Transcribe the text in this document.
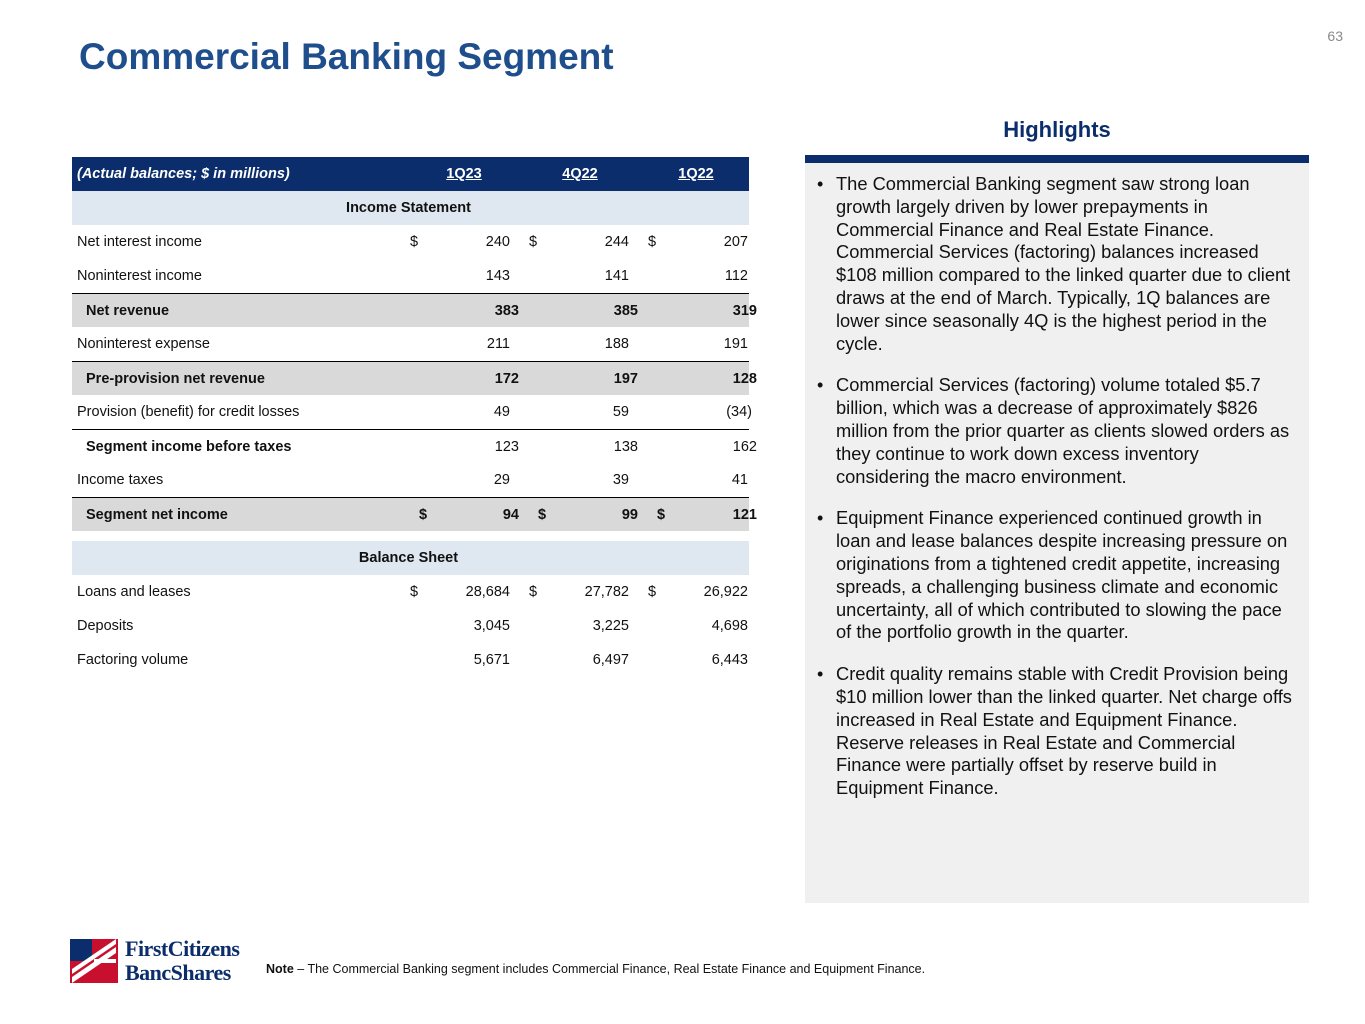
63
Commercial Banking Segment
(Actual balances; $ in millions)	1Q23	4Q22	1Q22
Income Statement
Net interest income	$	240	$	244	$	207
Noninterest income	143	141	112
Net revenue	383	385	319
Noninterest expense	211	188	191
Pre-provision net revenue	172	197	128
Provision (benefit) for credit losses	49	59	(34)
Segment income before taxes	123	138	162
Income taxes	29	39	41
Segment net income	$	94	$	99	$	121
Balance Sheet
Loans and leases	$	28,684	$	27,782	$	26,922
Deposits	3,045	3,225	4,698
Factoring volume	5,671	6,497	6,443
Highlights
• The Commercial Banking segment saw strong loan growth largely driven by lower prepayments in Commercial Finance and Real Estate Finance. Commercial Services (factoring) balances increased $108 million compared to the linked quarter due to client draws at the end of March. Typically, 1Q balances are lower since seasonally 4Q is the highest period in the cycle.
• Commercial Services (factoring) volume totaled $5.7 billion, which was a decrease of approximately $826 million from the prior quarter as clients slowed orders as they continue to work down excess inventory considering the macro environment.
• Equipment Finance experienced continued growth in loan and lease balances despite increasing pressure on originations from a tightened credit appetite, increasing spreads, a challenging business climate and economic uncertainty, all of which contributed to slowing the pace of the portfolio growth in the quarter.
• Credit quality remains stable with Credit Provision being $10 million lower than the linked quarter. Net charge offs increased in Real Estate and Equipment Finance. Reserve releases in Real Estate and Commercial Finance were partially offset by reserve build in Equipment Finance.
FirstCitizens
BancShares	Note – The Commercial Banking segment includes Commercial Finance, Real Estate Finance and Equipment Finance.
